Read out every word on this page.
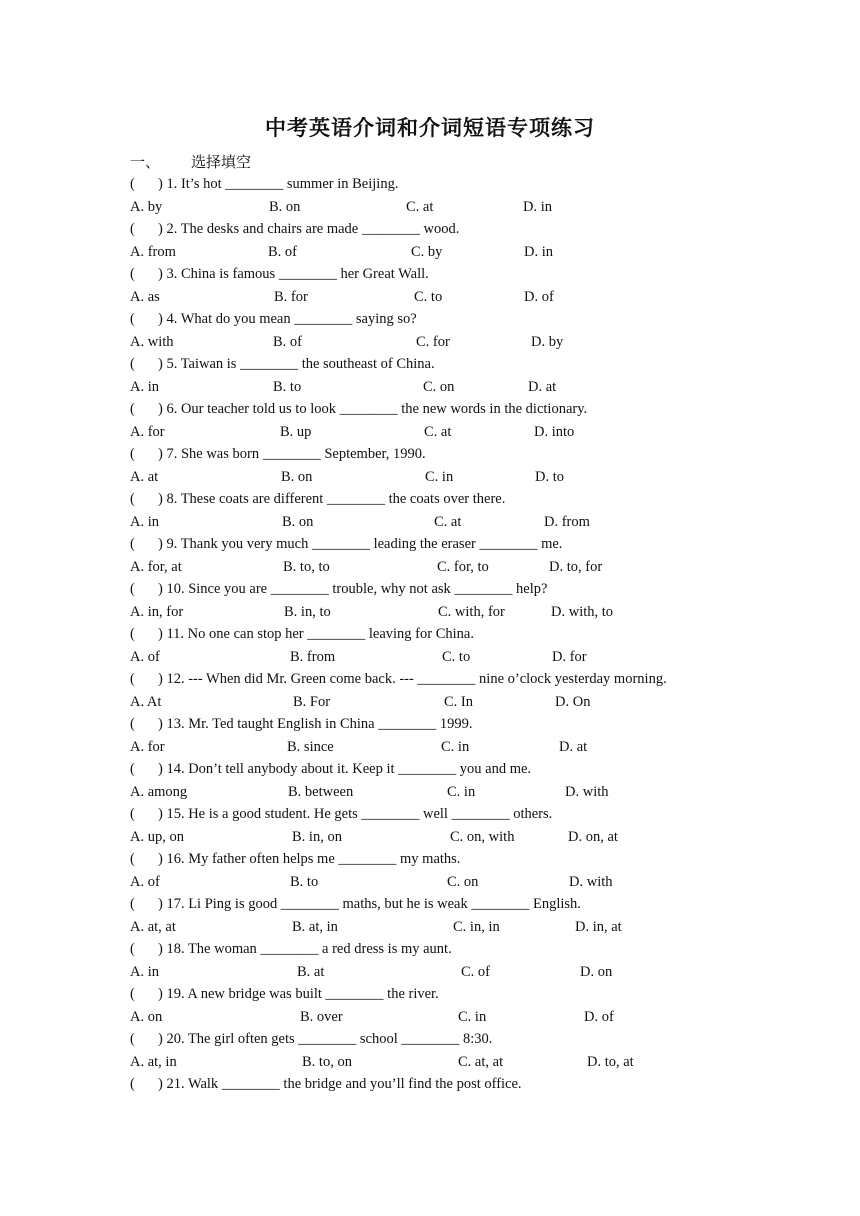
中考英语介词和介词短语专项练习
一、 选择填空
( ) 1. It’s hot ________ summer in Beijing.
A. by	B. on	C. at	D. in
( ) 2. The desks and chairs are made ________ wood.
A. from	B. of	C. by	D. in
( ) 3. China is famous ________ her Great Wall.
A. as	B. for	C. to	D. of
( ) 4. What do you mean ________ saying so?
A. with	B. of	C. for	D. by
( ) 5. Taiwan is ________ the southeast of China.
A. in	B. to	C. on	D. at
( ) 6. Our teacher told us to look ________ the new words in the dictionary.
A. for	B. up	C. at	D. into
( ) 7. She was born ________ September, 1990.
A. at	B. on	C. in	D. to
( ) 8. These coats are different ________ the coats over there.
A. in	B. on	C. at	D. from
( ) 9. Thank you very much ________ leading the eraser ________ me.
A. for, at	B. to, to	C. for, to	D. to, for
( ) 10. Since you are ________ trouble, why not ask ________ help?
A. in, for	B. in, to	C. with, for	D. with, to
( ) 11. No one can stop her ________ leaving for China.
A. of	B. from	C. to	D. for
( ) 12. --- When did Mr. Green come back. --- ________ nine o’clock yesterday morning.
A. At	B. For	C. In	D. On
( ) 13. Mr. Ted taught English in China ________ 1999.
A. for	B. since	C. in	D. at
( ) 14. Don’t tell anybody about it. Keep it ________ you and me.
A. among	B. between	C. in	D. with
( ) 15. He is a good student. He gets ________ well ________ others.
A. up, on	B. in, on	C. on, with	D. on, at
( ) 16. My father often helps me ________ my maths.
A. of	B. to	C. on	D. with
( ) 17. Li Ping is good ________ maths, but he is weak ________ English.
A. at, at	B. at, in	C. in, in	D. in, at
( ) 18. The woman ________ a red dress is my aunt.
A. in	B. at	C. of	D. on
( ) 19. A new bridge was built ________ the river.
A. on	B. over	C. in	D. of
( ) 20. The girl often gets ________ school ________ 8:30.
A. at, in	B. to, on	C. at, at	D. to, at
( ) 21. Walk ________ the bridge and you’ll find the post office.
